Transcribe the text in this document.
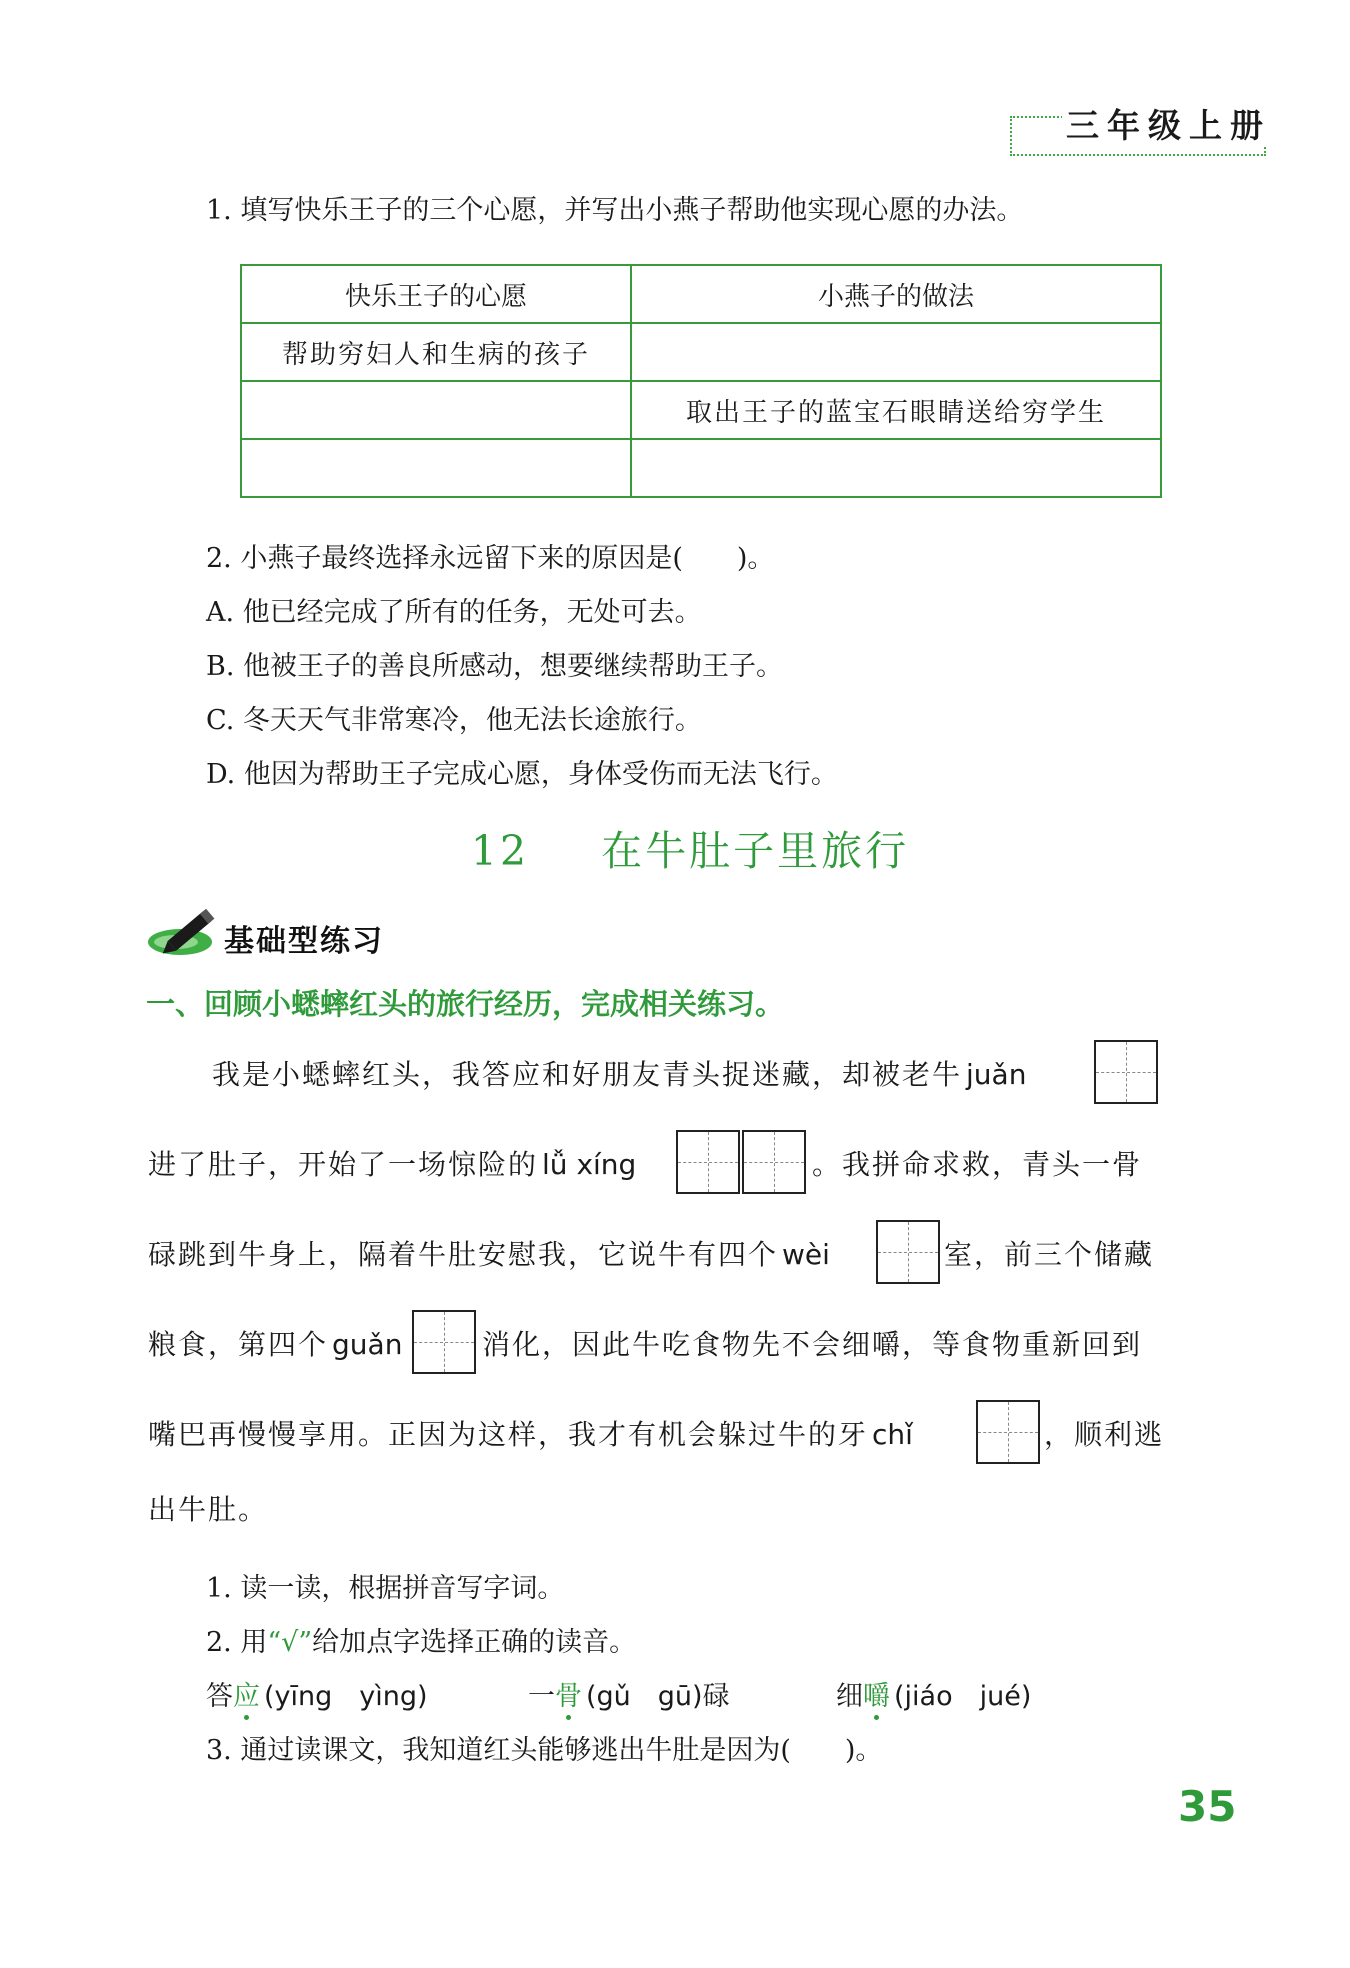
三年级上册
1. 填写快乐王子的三个心愿，并写出小燕子帮助他实现心愿的办法。
快乐王子的心愿	小燕子的做法
帮助穷妇人和生病的孩子	
	取出王子的蓝宝石眼睛送给穷学生

2. 小燕子最终选择永远留下来的原因是(　　)。
A. 他已经完成了所有的任务，无处可去。
B. 他被王子的善良所感动，想要继续帮助王子。
C. 冬天天气非常寒冷，他无法长途旅行。
D. 他因为帮助王子完成心愿，身体受伤而无法飞行。
12 在牛肚子里旅行
基础型练习
一、回顾小蟋蟀红头的旅行经历，完成相关练习。
我是小蟋蟀红头，我答应和好朋友青头捉迷藏，却被老牛 juǎn
进了肚子，开始了一场惊险的 lǚ xíng	。我拼命求救，青头一骨
碌跳到牛身上，隔着牛肚安慰我，它说牛有四个 wèi	室，前三个储藏
粮食，第四个 guǎn	消化，因此牛吃食物先不会细嚼，等食物重新回到
嘴巴再慢慢享用。正因为这样，我才有机会躲过牛的牙 chǐ	，顺利逃
出牛肚。
1. 读一读，根据拼音写字词。
2. 用“√”给加点字选择正确的读音。
答应 (yīng　yìng)	一骨 (gǔ　gū)碌	细嚼 (jiáo　jué)
3. 通过读课文，我知道红头能够逃出牛肚是因为(　　)。
35
